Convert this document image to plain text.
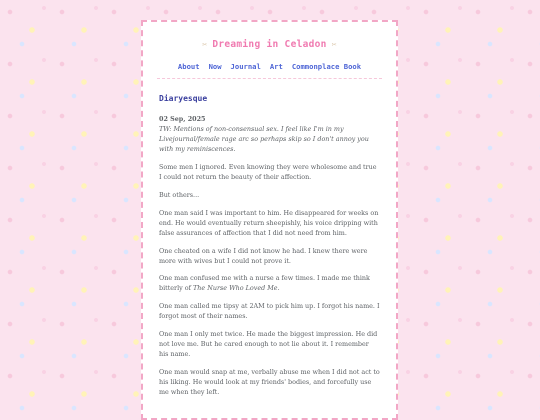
✂ Dreaming in Celadon ✂
About Now Journal Art Commonplace Book
Diaryesque

02 Sep, 2025

TW: Mentions of non-consensual sex. I feel like I'm in my Livejournal/female rage arc so perhaps skip so I don't annoy you with my reminiscences.

Some men I ignored. Even knowing they were wholesome and true I could not return the beauty of their affection.

But others...

One man said I was important to him. He disappeared for weeks on end. He would eventually return sheepishly, his voice dripping with false assurances of affection that I did not need from him.

One cheated on a wife I did not know he had. I knew there were more with wives but I could not prove it.

One man confused me with a nurse a few times. I made me think bitterly of The Nurse Who Loved Me.

One man called me tipsy at 2AM to pick him up. I forgot his name. I forgot most of their names.

One man I only met twice. He made the biggest impression. He did not love me. But he cared enough to not lie about it. I remember his name.

One man would snap at me, verbally abuse me when I did not act to his liking. He would look at my friends' bodies, and forcefully use me when they left.
